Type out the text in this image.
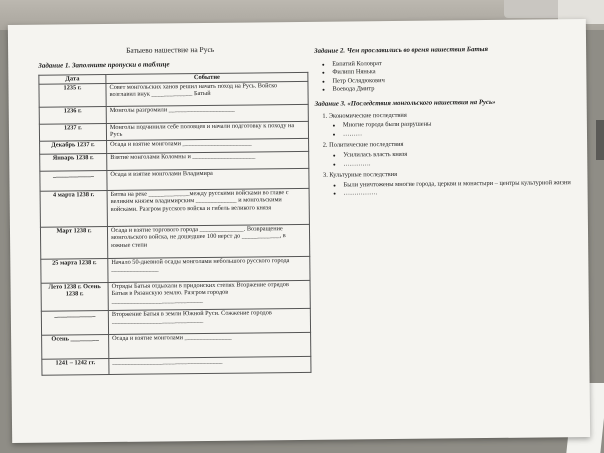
Батыево нашествие на Русь
Задание 1. Заполните пропуски в таблице
Дата	Событие
1235 г.	Совет монгольских ханов решил начать поход на Русь. Войско возглавил внук _____________ Батый
1236 г.	Монголы разгромили _____________________
1237 г.	Монголы подчинили себе половцев и начали подготовку к походу на Русь
Декабрь 1237 г.	Осада и взятие монголами ______________________
Январь 1238 г.	Взятие монголами Коломны и ____________________
_____________	Осада и взятие монголами Владимира
4 марта 1238 г.	Битва на реке _____________между русскими войсками во главе с великим князем владимирским _____________ и монгольскими войсками. Разгром русского войска и гибель великого князя
Март 1238 г.	Осада и взятие торгового города ______________. Возвращение монгольского войска, не дошедшее 100 верст до ____________, в южные степи
25 марта 1238 г.	Начало 50-дневной осады монголами небольшого русского города _______________
Лето 1238 г. Осень 1238 г.	Отряды Батыя отдыхали в придонских степях Вторжение отрядов Батыя в Рязанскую землю. Разгром городов _____________________________
_____________	Вторжение Батыя в земли Южной Руси. Сожжение городов _____________________________
Осень _________	Осада и взятие монголами _______________
1241 – 1242 гг.	___________________________________
Задание 2. Чем прославились во время нашествия Батыя
• Евпатий Коловрат
• Филипп Нянька
• Петр Ослядюкович
• Воевода Дмитр
Задание 3. «Последствия монгольского нашествия на Русь»
1. Экономические последствия
• Многие города были разрушены
• ………
2. Политические последствия
• Усилилась власть князя
• ………….
3. Культурные последствия
• Были уничтожены многие города, церкви и монастыри – центры культурной жизни
• …………….
